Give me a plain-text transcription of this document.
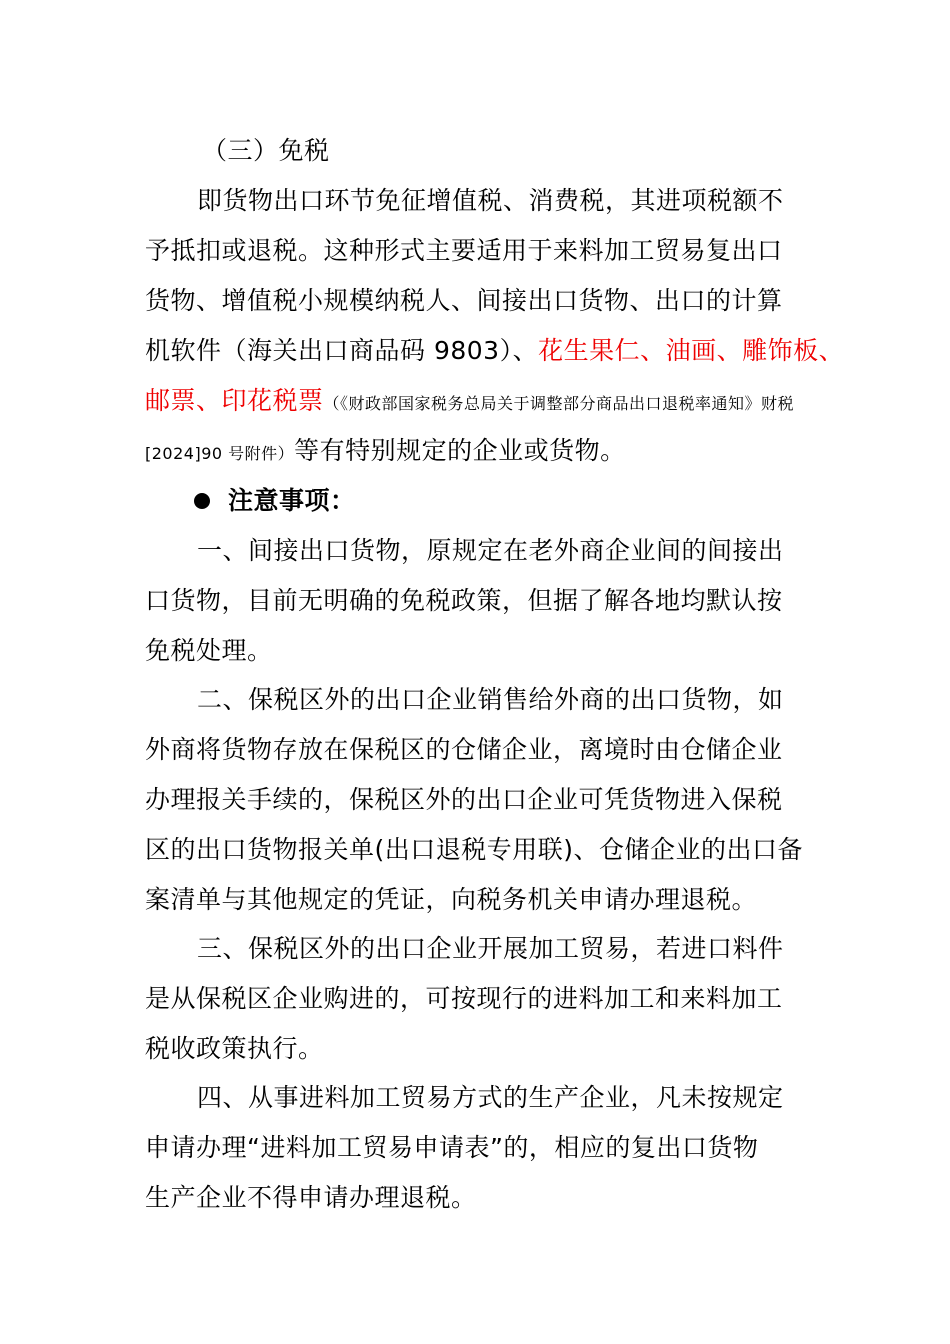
（三）免税
即货物出口环节免征增值税、消费税，其进项税额不
予抵扣或退税。这种形式主要适用于来料加工贸易复出口
货物、增值税小规模纳税人、间接出口货物、出口的计算
机软件（海关出口商品码 9803）、花生果仁、油画、雕饰板、
邮票、印花税票（《财政部国家税务总局关于调整部分商品出口退税率通知》财税
[2024]90 号附件）等有特别规定的企业或货物。
注意事项：
一、间接出口货物，原规定在老外商企业间的间接出
口货物，目前无明确的免税政策，但据了解各地均默认按
免税处理。
二、保税区外的出口企业销售给外商的出口货物，如
外商将货物存放在保税区的仓储企业，离境时由仓储企业
办理报关手续的，保税区外的出口企业可凭货物进入保税
区的出口货物报关单(出口退税专用联)、仓储企业的出口备
案清单与其他规定的凭证，向税务机关申请办理退税。
三、保税区外的出口企业开展加工贸易，若进口料件
是从保税区企业购进的，可按现行的进料加工和来料加工
税收政策执行。
四、从事进料加工贸易方式的生产企业，凡未按规定
申请办理“进料加工贸易申请表”的，相应的复出口货物
生产企业不得申请办理退税。
